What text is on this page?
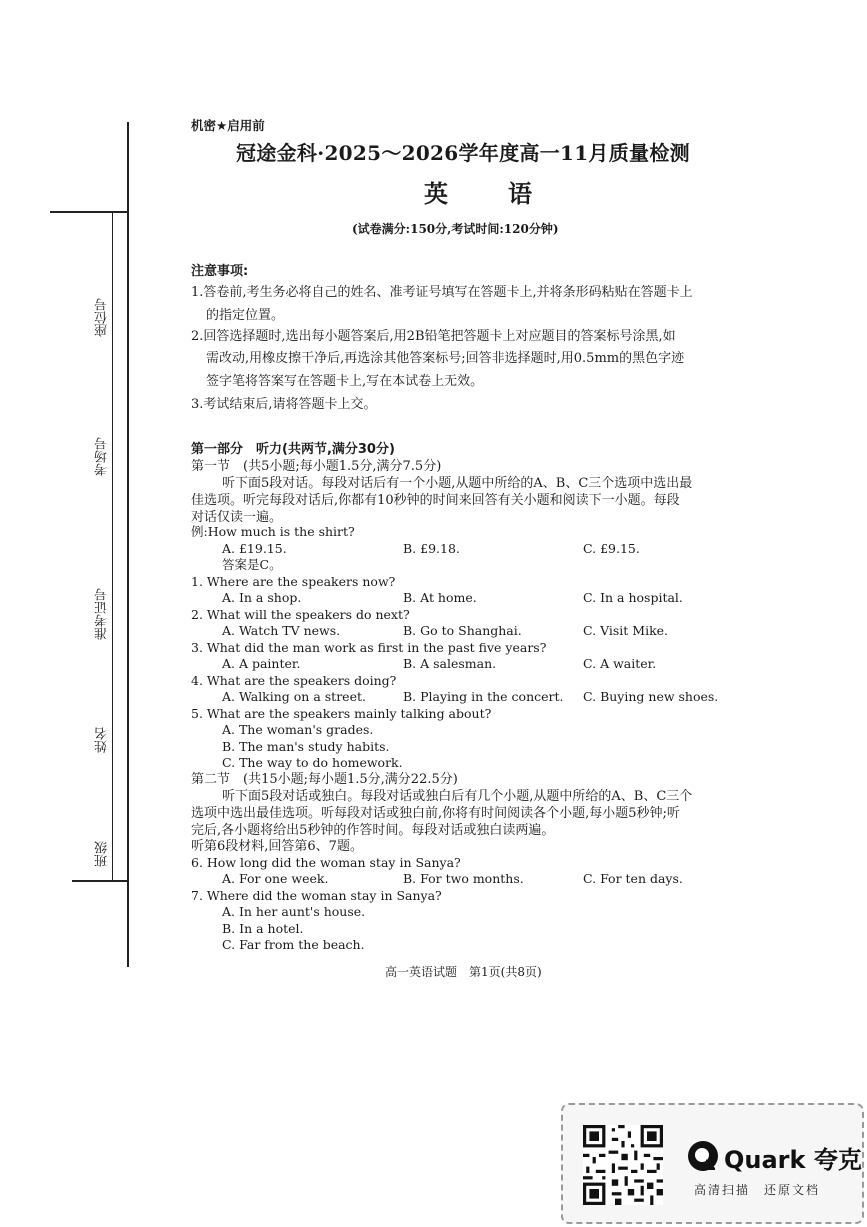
座位号
考场号
准考证号
姓名
班级
机密★启用前
冠途金科·2025～2026学年度高一11月质量检测
英　语
(试卷满分:150分,考试时间:120分钟)
注意事项:
1.答卷前,考生务必将自己的姓名、准考证号填写在答题卡上,并将条形码粘贴在答题卡上
的指定位置。
2.回答选择题时,选出每小题答案后,用2B铅笔把答题卡上对应题目的答案标号涂黑,如
需改动,用橡皮擦干净后,再选涂其他答案标号;回答非选择题时,用0.5mm的黑色字迹
签字笔将答案写在答题卡上,写在本试卷上无效。
3.考试结束后,请将答题卡上交。
第一部分　听力(共两节,满分30分)
第一节　(共5小题;每小题1.5分,满分7.5分)
听下面5段对话。每段对话后有一个小题,从题中所给的A、B、C三个选项中选出最
佳选项。听完每段对话后,你都有10秒钟的时间来回答有关小题和阅读下一小题。每段
对话仅读一遍。
例:How much is the shirt?
A. £19.15.	B. £9.18.	C. £9.15.
答案是C。
1. Where are the speakers now?
A. In a shop.	B. At home.	C. In a hospital.
2. What will the speakers do next?
A. Watch TV news.	B. Go to Shanghai.	C. Visit Mike.
3. What did the man work as first in the past five years?
A. A painter.	B. A salesman.	C. A waiter.
4. What are the speakers doing?
A. Walking on a street.	B. Playing in the concert. C. Buying new shoes.
5. What are the speakers mainly talking about?
A. The woman's grades.
B. The man's study habits.
C. The way to do homework.
第二节　(共15小题;每小题1.5分,满分22.5分)
听下面5段对话或独白。每段对话或独白后有几个小题,从题中所给的A、B、C三个
选项中选出最佳选项。听每段对话或独白前,你将有时间阅读各个小题,每小题5秒钟;听
完后,各小题将给出5秒钟的作答时间。每段对话或独白读两遍。
听第6段材料,回答第6、7题。
6. How long did the woman stay in Sanya?
A. For one week.	B. For two months.	C. For ten days.
7. Where did the woman stay in Sanya?
A. In her aunt's house.
B. In a hotel.
C. Far from the beach.
高一英语试题　第1页(共8页)
Quark 夸克
高清扫描　还原文档
